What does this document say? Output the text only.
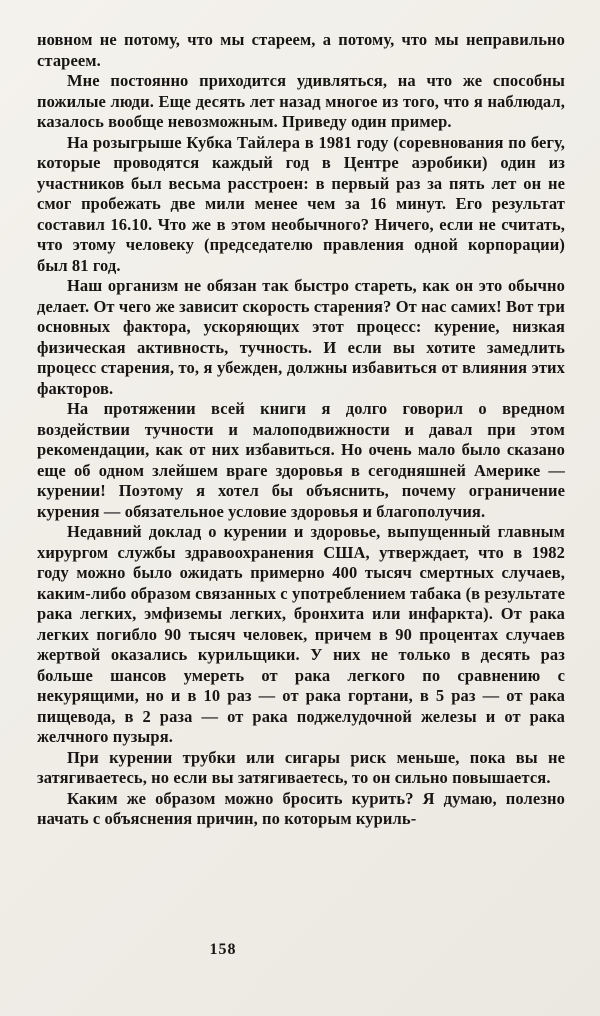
новном не потому, что мы стареем, а потому, что мы неправильно стареем.

Мне постоянно приходится удивляться, на что же способны пожилые люди. Еще десять лет назад многое из того, что я наблюдал, казалось вообще невозможным. Приведу один пример.

На розыгрыше Кубка Тайлера в 1981 году (соревнования по бегу, которые проводятся каждый год в Центре аэробики) один из участников был весьма расстроен: в первый раз за пять лет он не смог пробежать две мили менее чем за 16 минут. Его результат составил 16.10. Что же в этом необычного? Ничего, если не считать, что этому человеку (председателю правления одной корпорации) был 81 год.

Наш организм не обязан так быстро стареть, как он это обычно делает. От чего же зависит скорость старения? От нас самих! Вот три основных фактора, ускоряющих этот процесс: курение, низкая физическая активность, тучность. И если вы хотите замедлить процесс старения, то, я убежден, должны избавиться от влияния этих факторов.

На протяжении всей книги я долго говорил о вредном воздействии тучности и малоподвижности и давал при этом рекомендации, как от них избавиться. Но очень мало было сказано еще об одном злейшем враге здоровья в сегодняшней Америке — курении! Поэтому я хотел бы объяснить, почему ограничение курения — обязательное условие здоровья и благополучия.

Недавний доклад о курении и здоровье, выпущенный главным хирургом службы здравоохранения США, утверждает, что в 1982 году можно было ожидать примерно 400 тысяч смертных случаев, каким-либо образом связанных с употреблением табака (в результате рака легких, эмфиземы легких, бронхита или инфаркта). От рака легких погибло 90 тысяч человек, причем в 90 процентах случаев жертвой оказались курильщики. У них не только в десять раз больше шансов умереть от рака легкого по сравнению с некурящими, но и в 10 раз — от рака гортани, в 5 раз — от рака пищевода, в 2 раза — от рака поджелудочной железы и от рака желчного пузыря.

При курении трубки или сигары риск меньше, пока вы не затягиваетесь, но если вы затягиваетесь, то он сильно повышается.

Каким же образом можно бросить курить? Я думаю, полезно начать с объяснения причин, по которым куриль-

158
